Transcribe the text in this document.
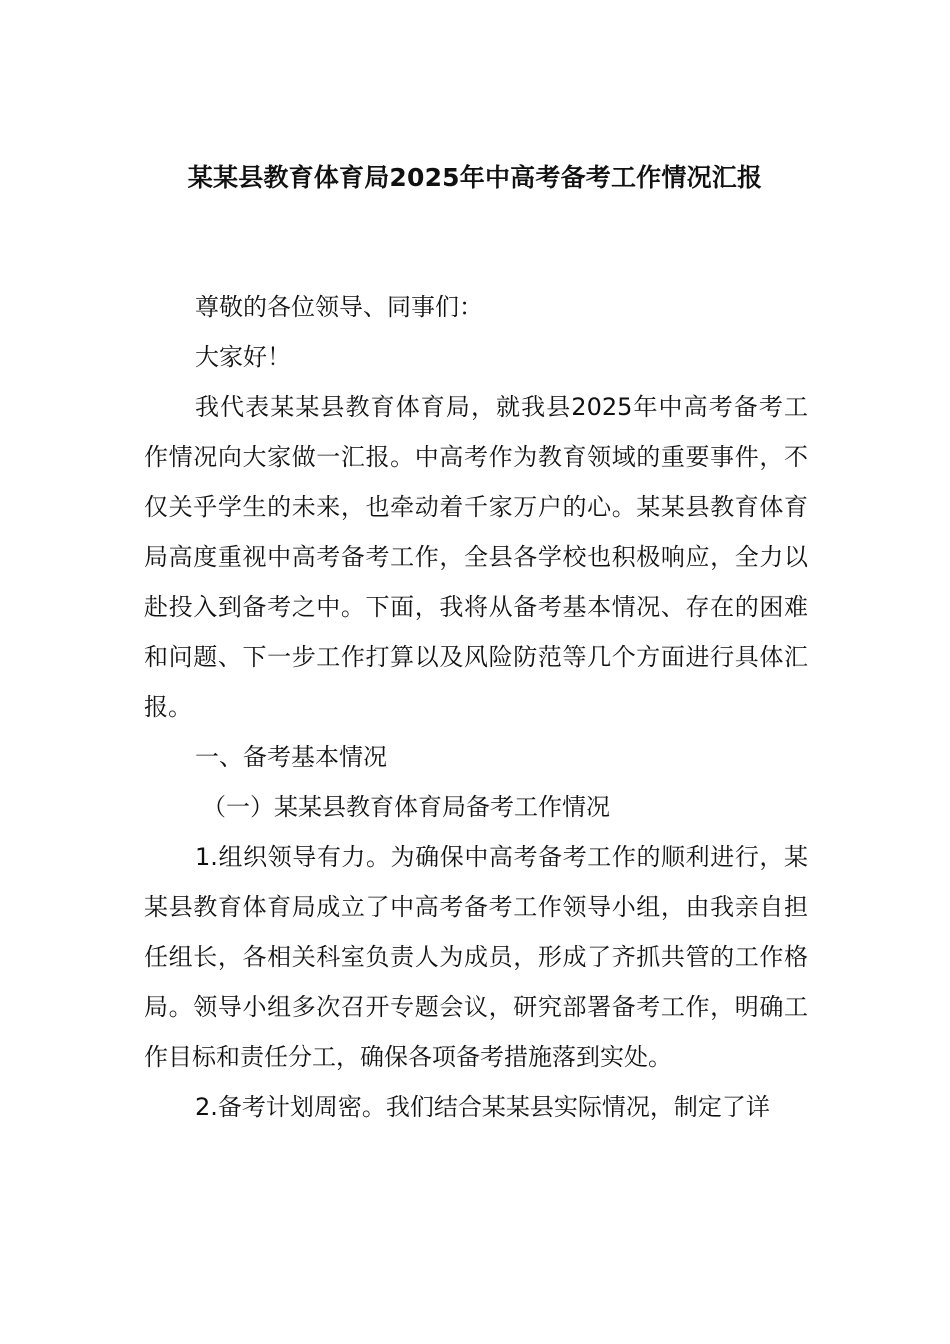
某某县教育体育局2025年中高考备考工作情况汇报

尊敬的各位领导、同事们：

大家好！

我代表某某县教育体育局，就我县2025年中高考备考工作情况向大家做一汇报。中高考作为教育领域的重要事件，不仅关乎学生的未来，也牵动着千家万户的心。某某县教育体育局高度重视中高考备考工作，全县各学校也积极响应，全力以赴投入到备考之中。下面，我将从备考基本情况、存在的困难和问题、下一步工作打算以及风险防范等几个方面进行具体汇报。

一、备考基本情况

（一）某某县教育体育局备考工作情况

1.组织领导有力。为确保中高考备考工作的顺利进行，某某县教育体育局成立了中高考备考工作领导小组，由我亲自担任组长，各相关科室负责人为成员，形成了齐抓共管的工作格局。领导小组多次召开专题会议，研究部署备考工作，明确工作目标和责任分工，确保各项备考措施落到实处。

2.备考计划周密。我们结合某某县实际情况，制定了详
